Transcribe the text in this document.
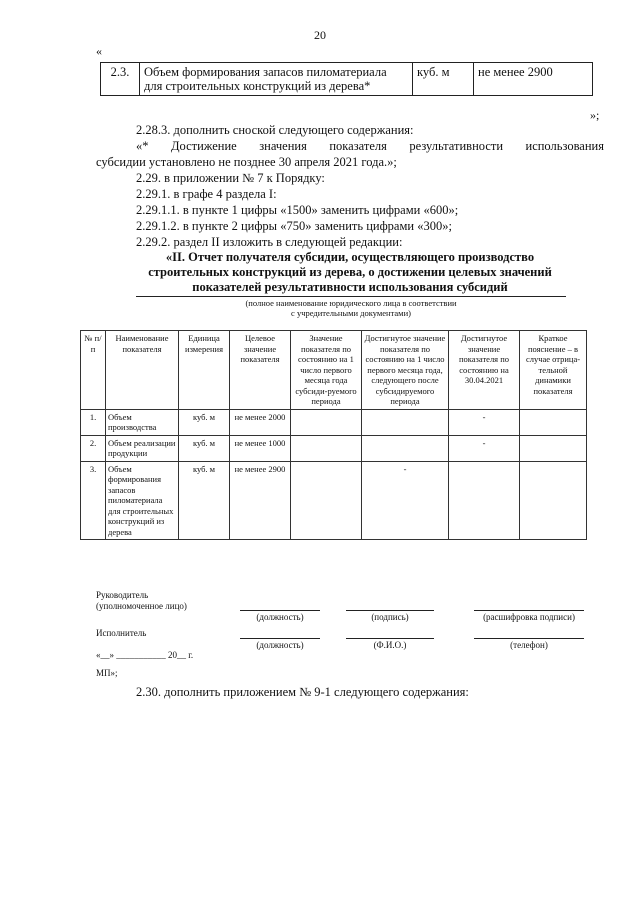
20
«
2.3.	Объем формирования запасов пиломатериала для строительных конструкций из дерева*	куб. м	не менее 2900
»;
2.28.3. дополнить сноской следующего содержания:
«* Достижение значения показателя результативности использования
субсидии установлено не позднее 30 апреля 2021 года.»;
2.29. в приложении № 7 к Порядку:
2.29.1. в графе 4 раздела I:
2.29.1.1. в пункте 1 цифры «1500» заменить цифрами «600»;
2.29.1.2. в пункте 2 цифры «750» заменить цифрами «300»;
2.29.2. раздел II изложить в следующей редакции:
«II. Отчет получателя субсидии, осуществляющего производство
строительных конструкций из дерева, о достижении целевых значений
показателей результативности использования субсидий
(полное наименование юридического лица в соответствии
с учредительными документами)
№ п/п	Наименование показателя	Единица измерения	Целевое значение показателя	Значение показателя по состоянию на 1 число первого месяца года субсиди-руемого периода	Достигнутое значение показателя по состоянию на 1 число первого месяца года, следующего после субсидируемого периода	Достигнутое значение показателя по состоянию на 30.04.2021	Краткое пояснение – в случае отрица-тельной динамики показателя
1.	Объем производства	куб. м	не менее 2000			-	
2.	Объем реализации продукции	куб. м	не менее 1000			-	
3.	Объем формирования запасов пиломатериала для строительных конструкций из дерева	куб. м	не менее 2900		-		
Руководитель
(уполномоченное лицо)
(должность)	(подпись)	(расшифровка подписи)
Исполнитель
(должность)	(Ф.И.О.)	(телефон)
«__» ___________ 20__ г.
МП»;
2.30. дополнить приложением № 9-1 следующего содержания:
